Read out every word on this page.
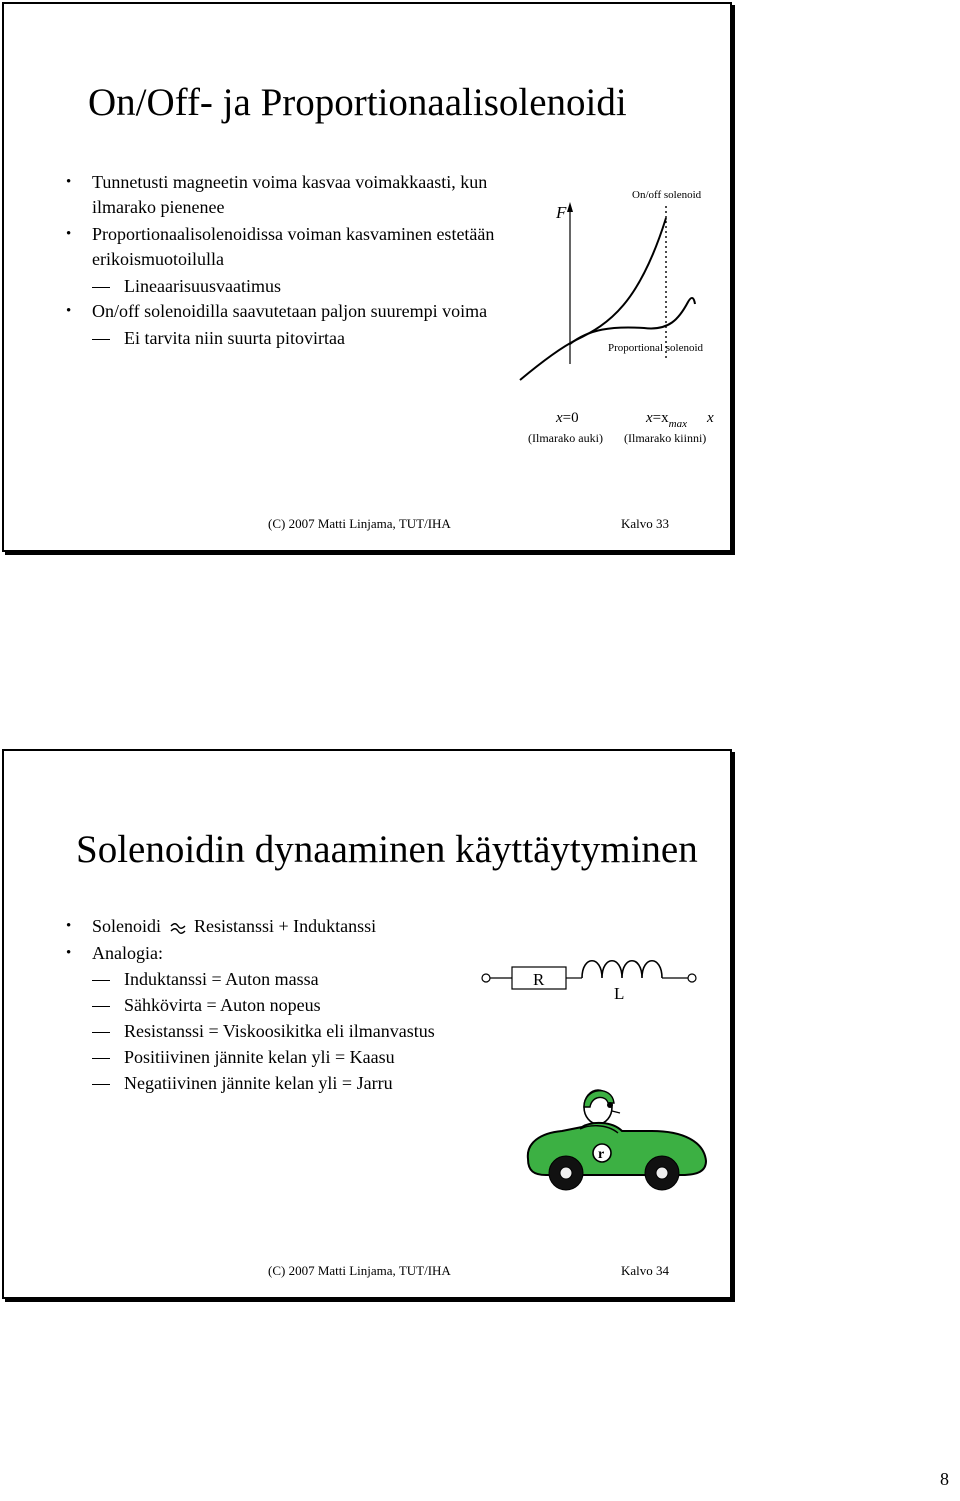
On/Off- ja Proportionaalisolenoidi
• Tunnetusti magneetin voima kasvaa voimakkaasti, kun ilmarako pienenee
• Proportionaalisolenoidissa voiman kasvaminen estetään erikoismuotoilulla
Lineaarisuusvaatimus
• On/off solenoidilla saavutetaan paljon suurempi voima
Ei tarvita niin suurta pitovirtaa
F
On/off solenoid
Proportional solenoid
x=0	$x=x_{max}$ x
(Ilmarako auki) (Ilmarako kiinni)
(C) 2007 Matti Linjama, TUT/IHA	Kalvo 33
Solenoidin dynaaminen käyttäytyminen
• Solenoidi Resistanssi + Induktanssi
• Analogia:
Induktanssi = Auton massa
Sähkövirta = Auton nopeus
Resistanssi = Viskoosikitka eli ilmanvastus
Positiivinen jännite kelan yli = Kaasu
Negatiivinen jännite kelan yli = Jarru
R
L
r
(C) 2007 Matti Linjama, TUT/IHA	Kalvo 34
8
